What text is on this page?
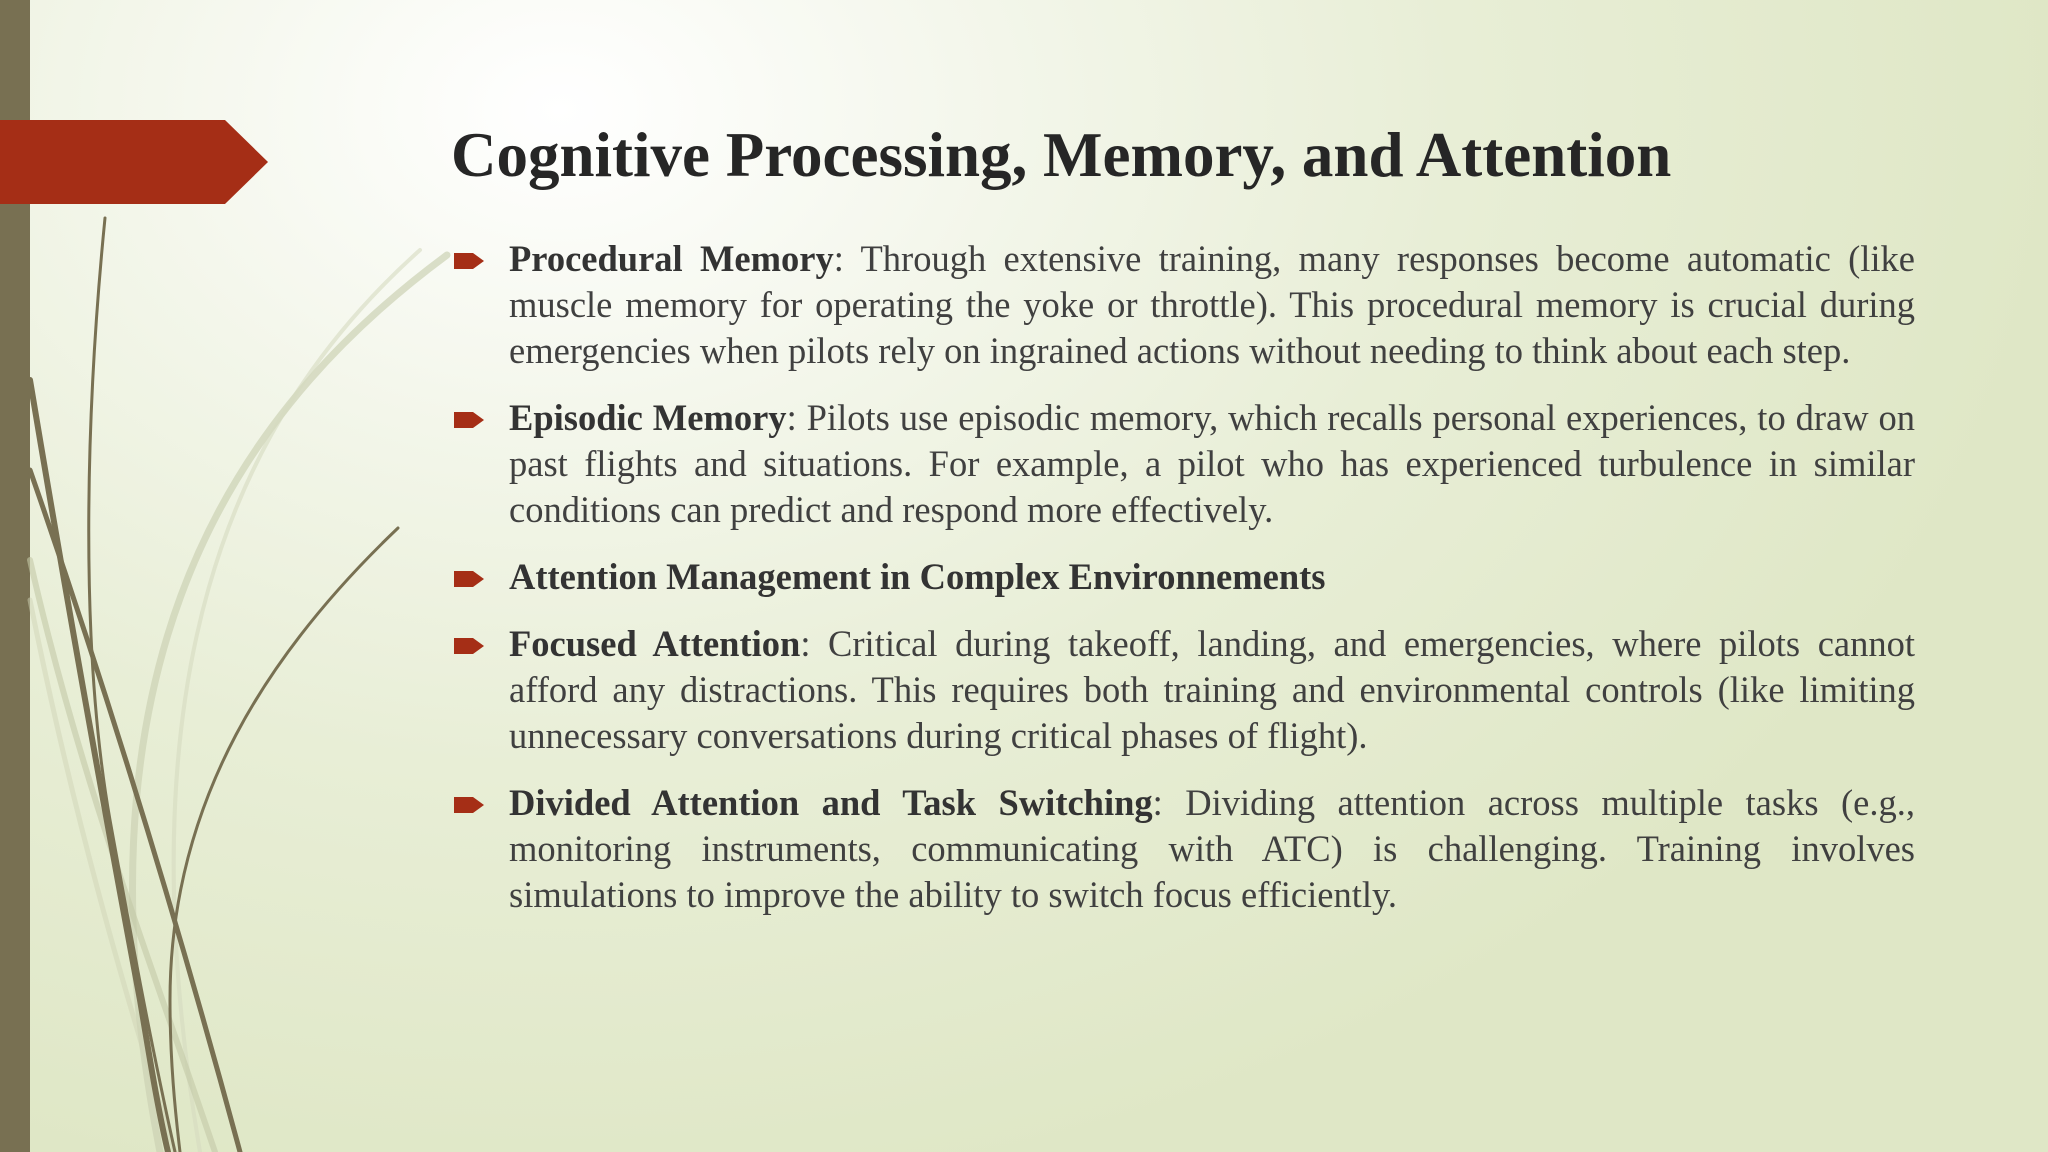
Cognitive Processing, Memory, and Attention
Procedural Memory: Through extensive training, many responses become automatic (like muscle memory for operating the yoke or throttle). This procedural memory is crucial during emergencies when pilots rely on ingrained actions without needing to think about each step.
Episodic Memory: Pilots use episodic memory, which recalls personal experiences, to draw on past flights and situations. For example, a pilot who has experienced turbulence in similar conditions can predict and respond more effectively.
Attention Management in Complex Environnements
Focused Attention: Critical during takeoff, landing, and emergencies, where pilots cannot afford any distractions. This requires both training and environmental controls (like limiting unnecessary conversations during critical phases of flight).
Divided Attention and Task Switching: Dividing attention across multiple tasks (e.g., monitoring instruments, communicating with ATC) is challenging. Training involves simulations to improve the ability to switch focus efficiently.
